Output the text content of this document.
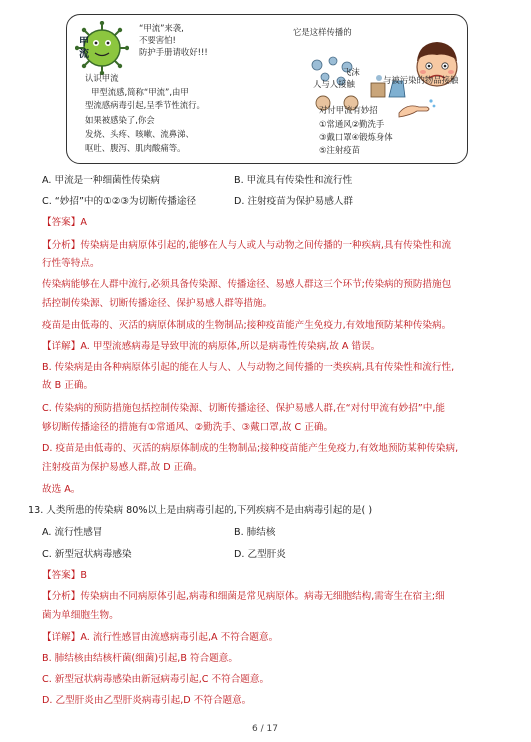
甲
流
“甲流”来袭,
不要害怕!
防护手册请收好!!!
认识甲流
甲型流感,简称“甲流”,由甲
型流感病毒引起,呈季节性流行。
如果被感染了,你会
发烧、头疼、咳嗽、流鼻涕、
呕吐、腹泻、肌肉酸痛等。
它是这样传播的
飞沫
人与人接触	与被污染的物品接触
对付甲流有妙招
①常通风②勤洗手
③戴口罩④锻炼身体
⑤注射疫苗
A. 甲流是一种细菌性传染病	B. 甲流具有传染性和流行性
C. “妙招”中的①②③为切断传播途径	D. 注射疫苗为保护易感人群
【答案】A
【分析】传染病是由病原体引起的,能够在人与人或人与动物之间传播的一种疾病,具有传染性和流
行性等特点。
传染病能够在人群中流行,必须具备传染源、传播途径、易感人群这三个环节;传染病的预防措施包
括控制传染源、切断传播途径、保护易感人群等措施。
疫苗是由低毒的、灭活的病原体制成的生物制品;接种疫苗能产生免疫力,有效地预防某种传染病。
【详解】A. 甲型流感病毒是导致甲流的病原体,所以是病毒性传染病,故 A 错误。
B. 传染病是由各种病原体引起的能在人与人、人与动物之间传播的一类疾病,具有传染性和流行性,
故 B 正确。
C. 传染病的预防措施包括控制传染源、切断传播途径、保护易感人群,在“对付甲流有妙招”中,能
够切断传播途径的措施有①常通风、②勤洗手、③戴口罩,故 C 正确。
D. 疫苗是由低毒的、灭活的病原体制成的生物制品;接种疫苗能产生免疫力,有效地预防某种传染病,
注射疫苗为保护易感人群,故 D 正确。
故选 A。
13. 人类所患的传染病 80%以上是由病毒引起的,下列疾病不是由病毒引起的是( )
A. 流行性感冒	B. 肺结核
C. 新型冠状病毒感染	D. 乙型肝炎
【答案】B
【分析】传染病由不同病原体引起,病毒和细菌是常见病原体。病毒无细胞结构,需寄生在宿主;细
菌为单细胞生物。
【详解】A. 流行性感冒由流感病毒引起,A 不符合题意。
B. 肺结核由结核杆菌(细菌)引起,B 符合题意。
C. 新型冠状病毒感染由新冠病毒引起,C 不符合题意。
D. 乙型肝炎由乙型肝炎病毒引起,D 不符合题意。
6 / 17
